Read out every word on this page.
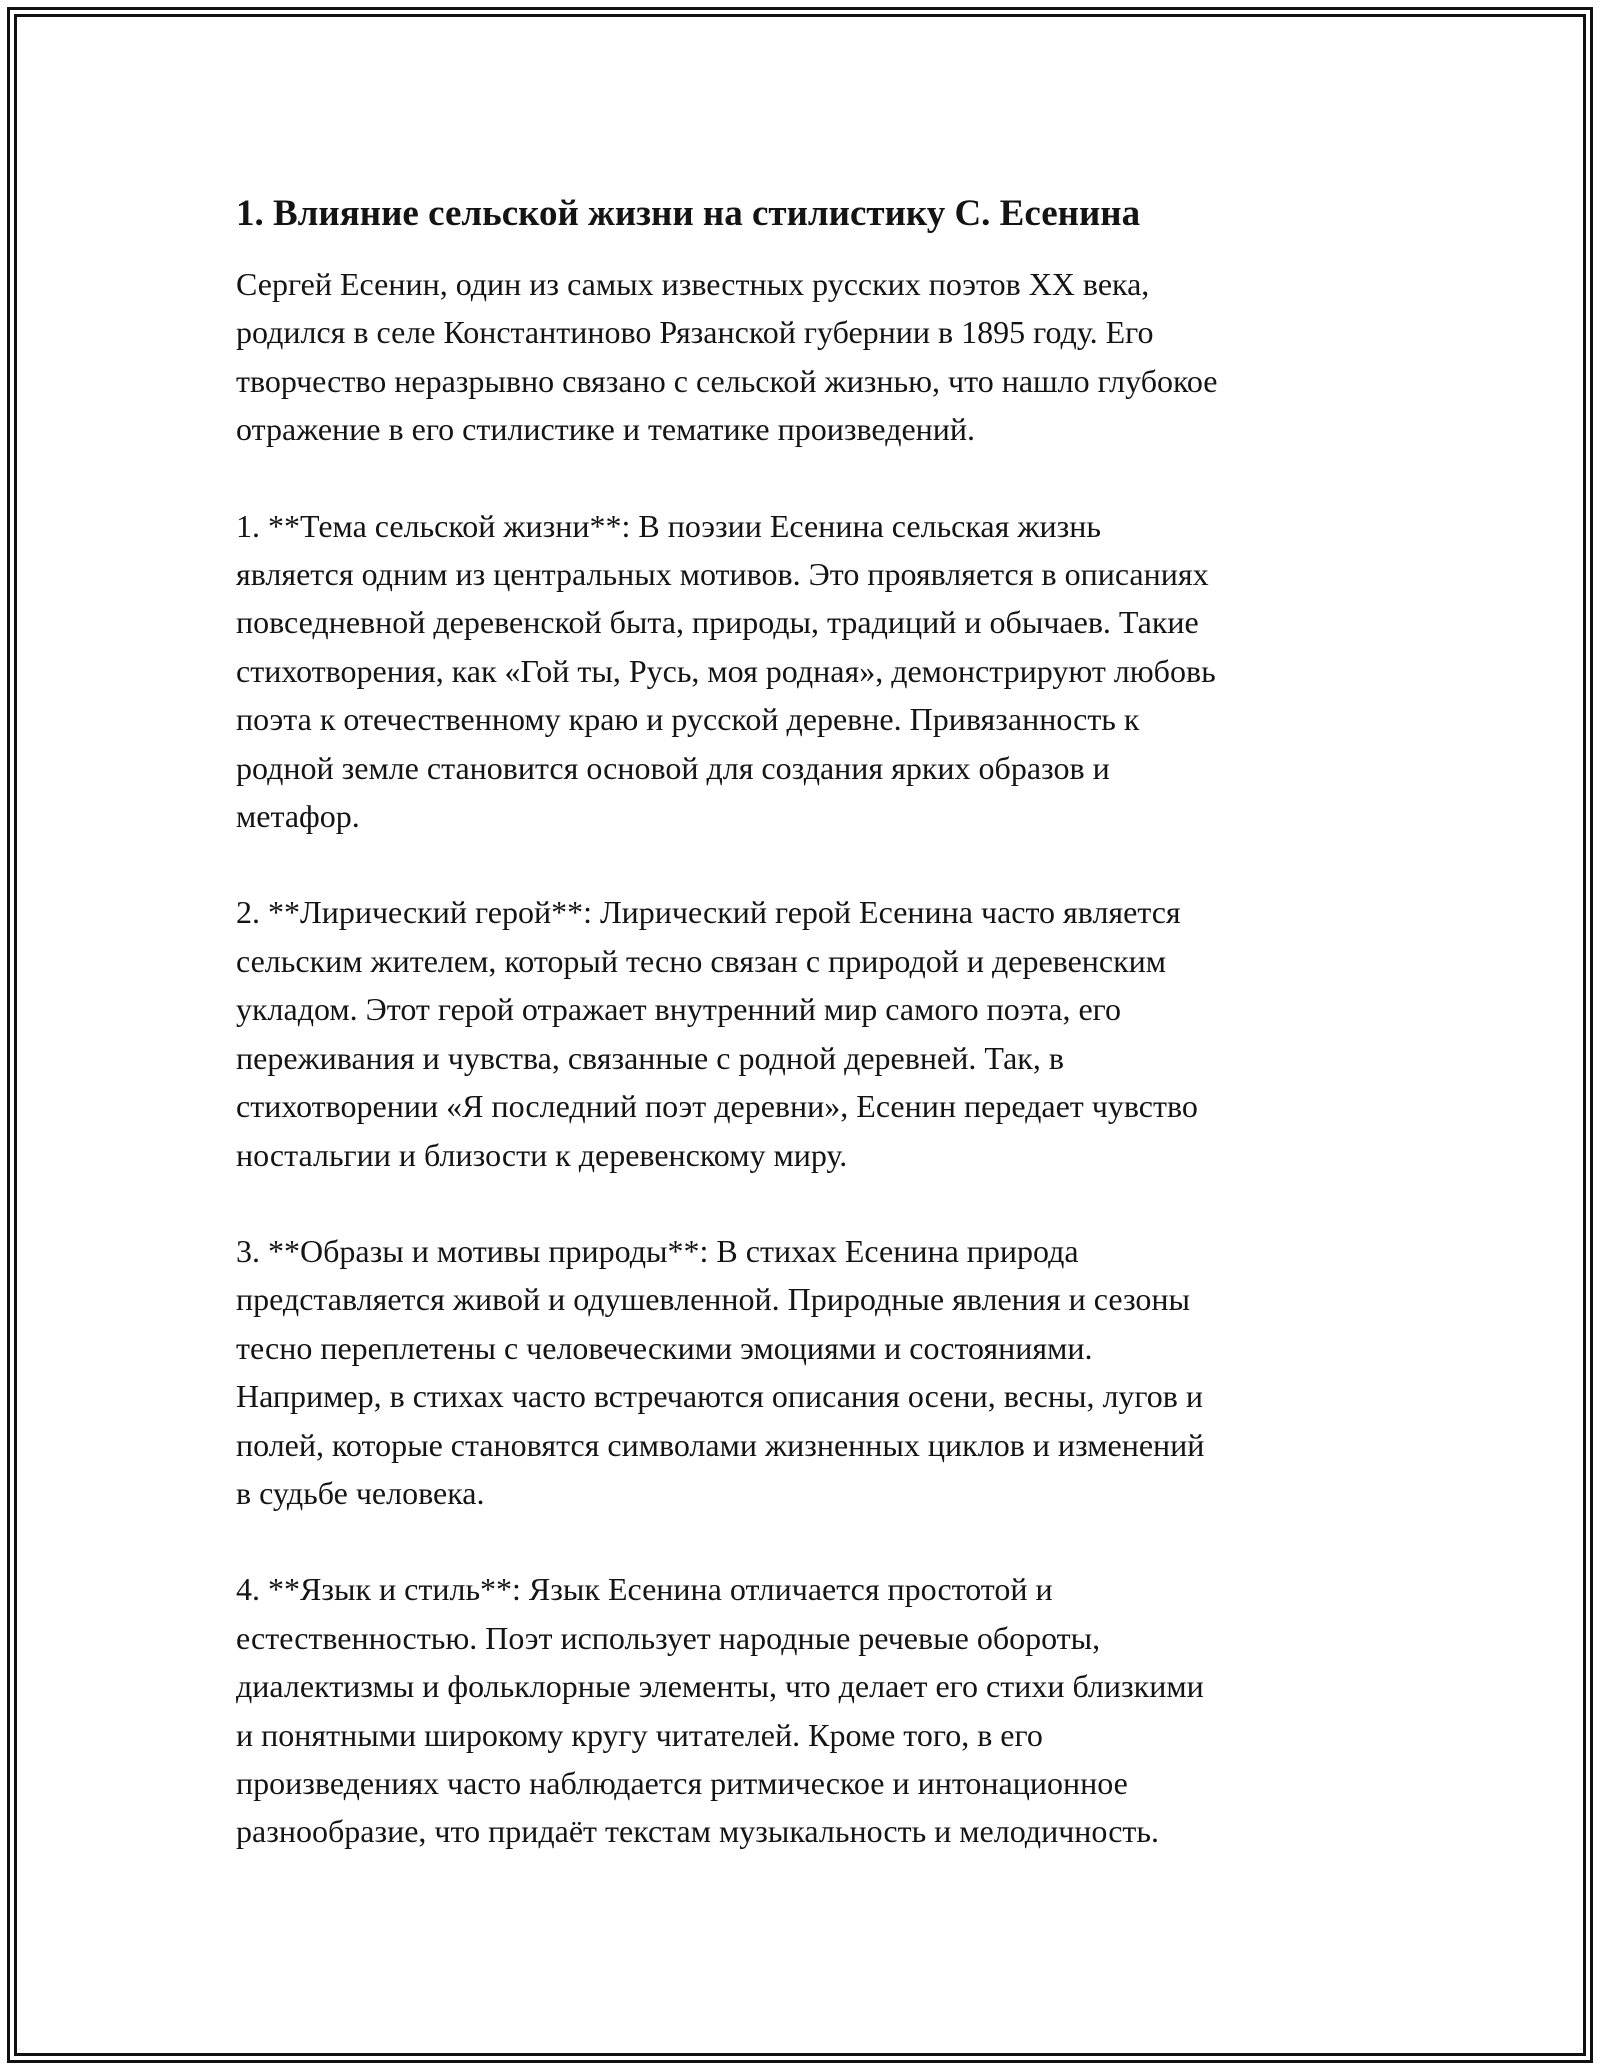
1. Влияние сельской жизни на стилистику С. Есенина

Сергей Есенин, один из самых известных русских поэтов XX века,
родился в селе Константиново Рязанской губернии в 1895 году. Его
творчество неразрывно связано с сельской жизнью, что нашло глубокое
отражение в его стилистике и тематике произведений.

1. **Тема сельской жизни**: В поэзии Есенина сельская жизнь
является одним из центральных мотивов. Это проявляется в описаниях
повседневной деревенской быта, природы, традиций и обычаев. Такие
стихотворения, как «Гой ты, Русь, моя родная», демонстрируют любовь
поэта к отечественному краю и русской деревне. Привязанность к
родной земле становится основой для создания ярких образов и
метафор.

2. **Лирический герой**: Лирический герой Есенина часто является
сельским жителем, который тесно связан с природой и деревенским
укладом. Этот герой отражает внутренний мир самого поэта, его
переживания и чувства, связанные с родной деревней. Так, в
стихотворении «Я последний поэт деревни», Есенин передает чувство
ностальгии и близости к деревенскому миру.

3. **Образы и мотивы природы**: В стихах Есенина природа
представляется живой и одушевленной. Природные явления и сезоны
тесно переплетены с человеческими эмоциями и состояниями.
Например, в стихах часто встречаются описания осени, весны, лугов и
полей, которые становятся символами жизненных циклов и изменений
в судьбе человека.

4. **Язык и стиль**: Язык Есенина отличается простотой и
естественностью. Поэт использует народные речевые обороты,
диалектизмы и фольклорные элементы, что делает его стихи близкими
и понятными широкому кругу читателей. Кроме того, в его
произведениях часто наблюдается ритмическое и интонационное
разнообразие, что придаёт текстам музыкальность и мелодичность.
